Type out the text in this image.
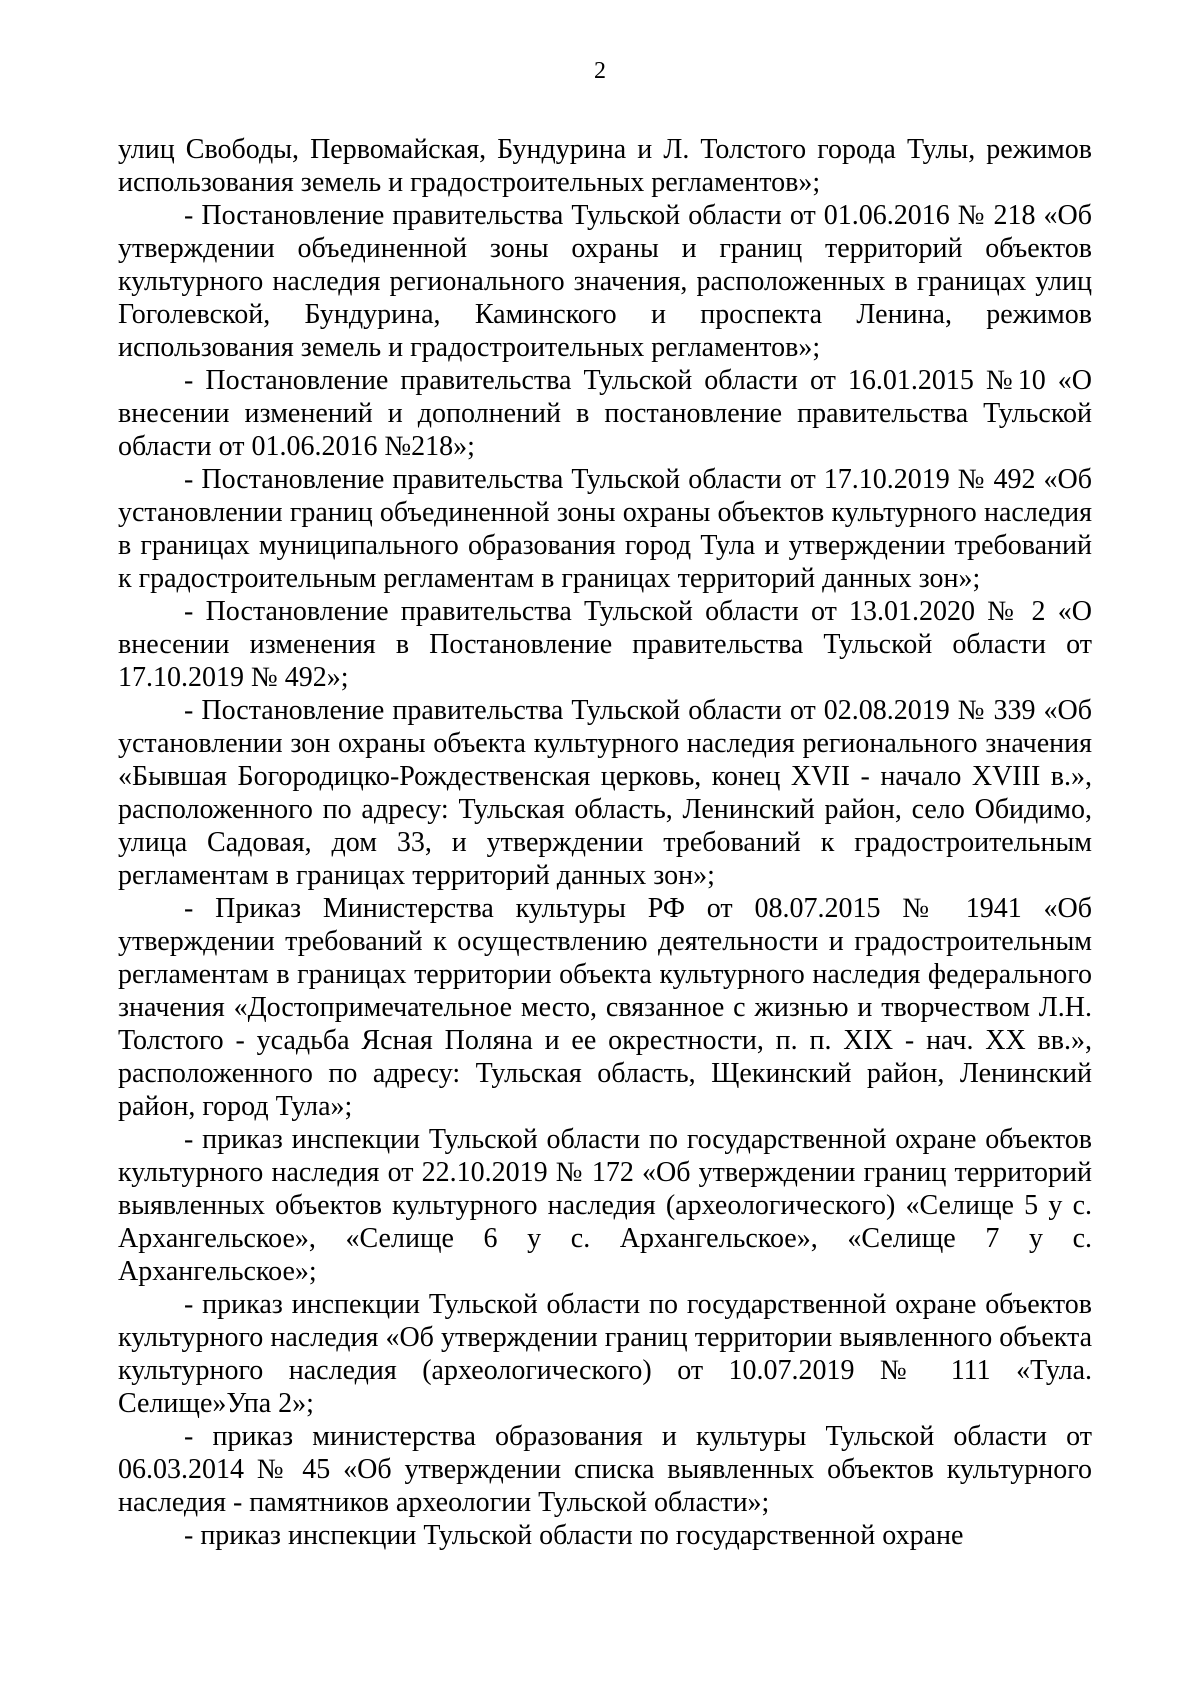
2

улиц Свободы, Первомайская, Бундурина и Л. Толстого города Тулы, режимов использования земель и градостроительных регламентов»;

- Постановление правительства Тульской области от 01.06.2016 № 218 «Об утверждении объединенной зоны охраны и границ территорий объектов культурного наследия регионального значения, расположенных в границах улиц Гоголевской, Бундурина, Каминского и проспекта Ленина, режимов использования земель и градостроительных регламентов»;

- Постановление правительства Тульской области от 16.01.2015 №10 «О внесении изменений и дополнений в постановление правительства Тульской области от 01.06.2016 №218»;

- Постановление правительства Тульской области от 17.10.2019 № 492 «Об установлении границ объединенной зоны охраны объектов культурного наследия в границах муниципального образования город Тула и утверждении требований к градостроительным регламентам в границах территорий данных зон»;

- Постановление правительства Тульской области от 13.01.2020 № 2 «О внесении изменения в Постановление правительства Тульской области от 17.10.2019 № 492»;

- Постановление правительства Тульской области от 02.08.2019 № 339 «Об установлении зон охраны объекта культурного наследия регионального значения «Бывшая Богородицко-Рождественская церковь, конец XVII - начало XVIII в.», расположенного по адресу: Тульская область, Ленинский район, село Обидимо, улица Садовая, дом 33, и утверждении требований к градостроительным регламентам в границах территорий данных зон»;

- Приказ Министерства культуры РФ от 08.07.2015 № 1941 «Об утверждении требований к осуществлению деятельности и градостроительным регламентам в границах территории объекта культурного наследия федерального значения «Достопримечательное место, связанное с жизнью и творчеством Л.Н. Толстого - усадьба Ясная Поляна и ее окрестности, п. п. XIX - нач. XX вв.», расположенного по адресу: Тульская область, Щекинский район, Ленинский район, город Тула»;

- приказ инспекции Тульской области по государственной охране объектов культурного наследия от 22.10.2019 № 172 «Об утверждении границ территорий выявленных объектов культурного наследия (археологического) «Селище 5 у с. Архангельское», «Селище 6 у с. Архангельское», «Селище 7 у с. Архангельское»;

- приказ инспекции Тульской области по государственной охране объектов культурного наследия «Об утверждении границ территории выявленного объекта культурного наследия (археологического) от 10.07.2019 № 111 «Тула. Селище»Упа 2»;

- приказ министерства образования и культуры Тульской области от 06.03.2014 № 45 «Об утверждении списка выявленных объектов культурного наследия - памятников археологии Тульской области»;

- приказ инспекции Тульской области по государственной охране
